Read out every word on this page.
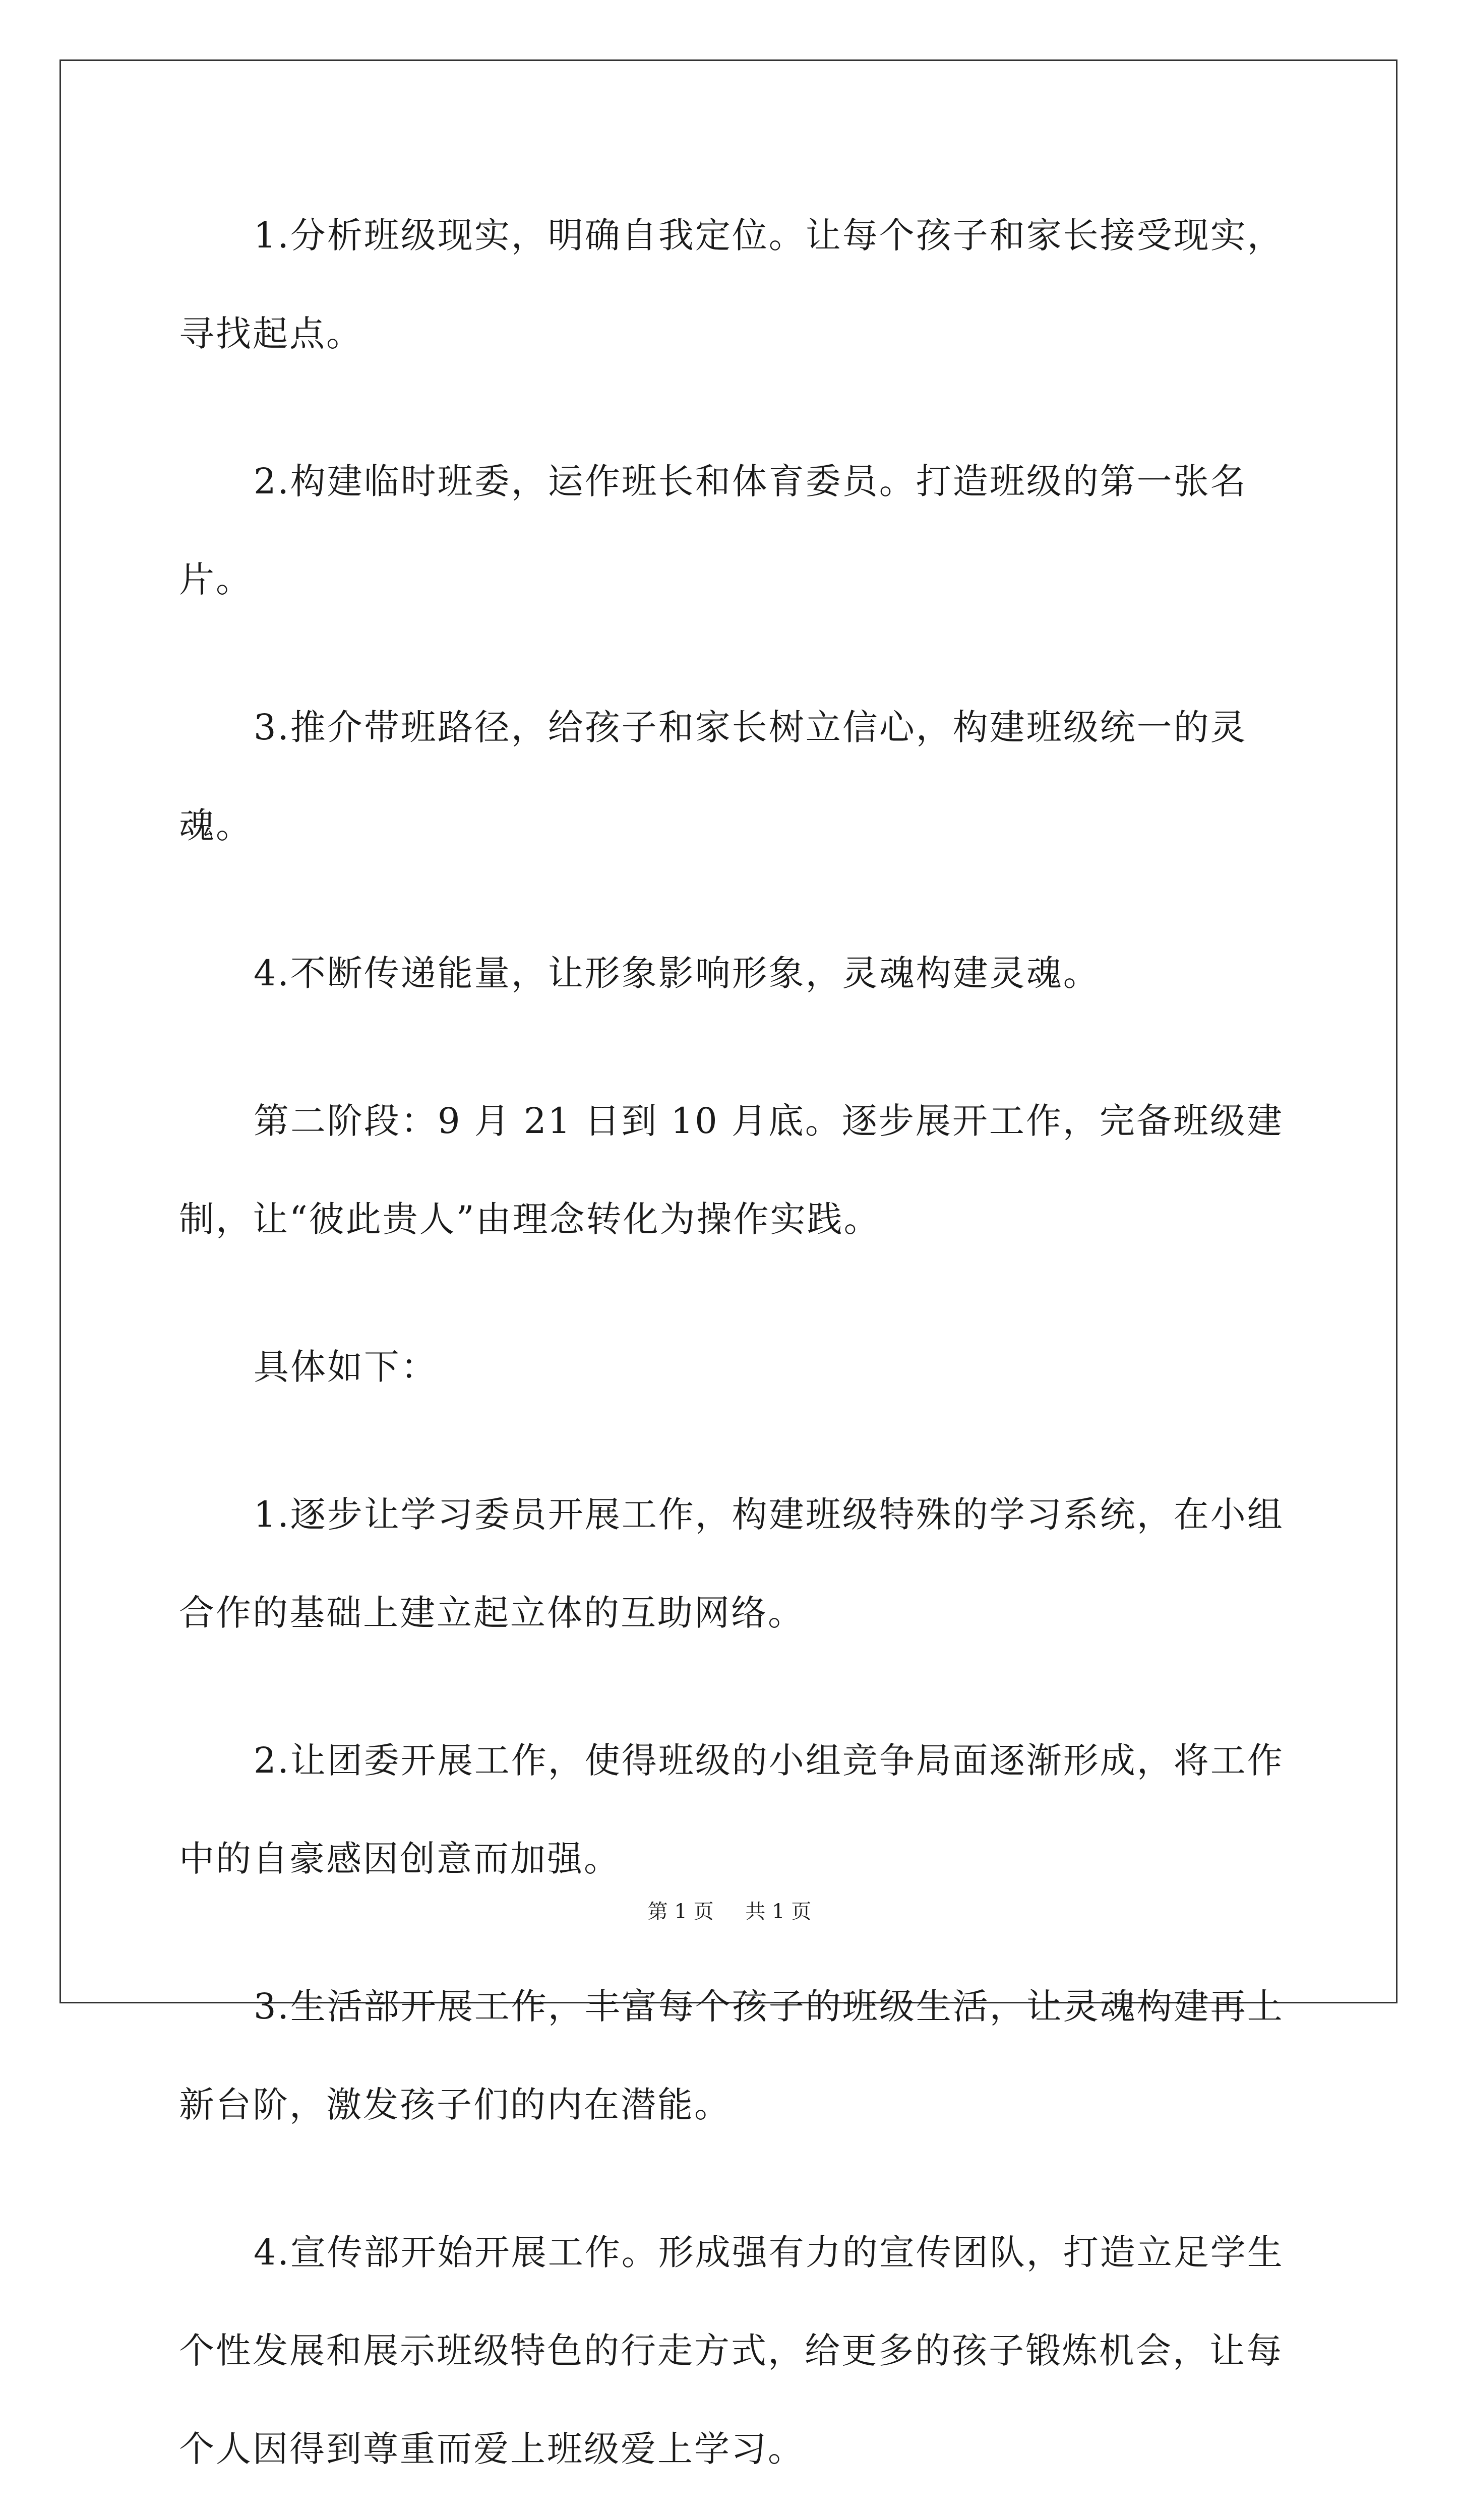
1.分析班级现实，明确自我定位。让每个孩子和家长接受现实，寻找起点。

2.构建临时班委，运作班长和体育委员。打造班级的第一张名片。

3.推介带班路径，给孩子和家长树立信心，构建班级统一的灵魂。

4.不断传递能量，让形象影响形象，灵魂构建灵魂。

第二阶段：9 月 21 日到 10 月底。逐步展开工作，完备班级建制，让“彼此贵人”由理念转化为操作实践。

具体如下：

1.逐步让学习委员开展工作，构建班级特殊的学习系统，在小组合作的基础上建立起立体的互助网络。

2.让团委开展工作，使得班级的小组竞争局面逐渐形成，将工作中的自豪感因创意而加强。

3.生活部开展工作，丰富每个孩子的班级生活，让灵魂构建再上新台阶，激发孩子们的内在潜能。

4.宣传部开始开展工作。形成强有力的宣传团队，打造立足学生个性发展和展示班级特色的行走方式，给更多的孩子锻炼机会，让每个人因得到尊重而爱上班级爱上学习。

第 1 页 共 1 页
